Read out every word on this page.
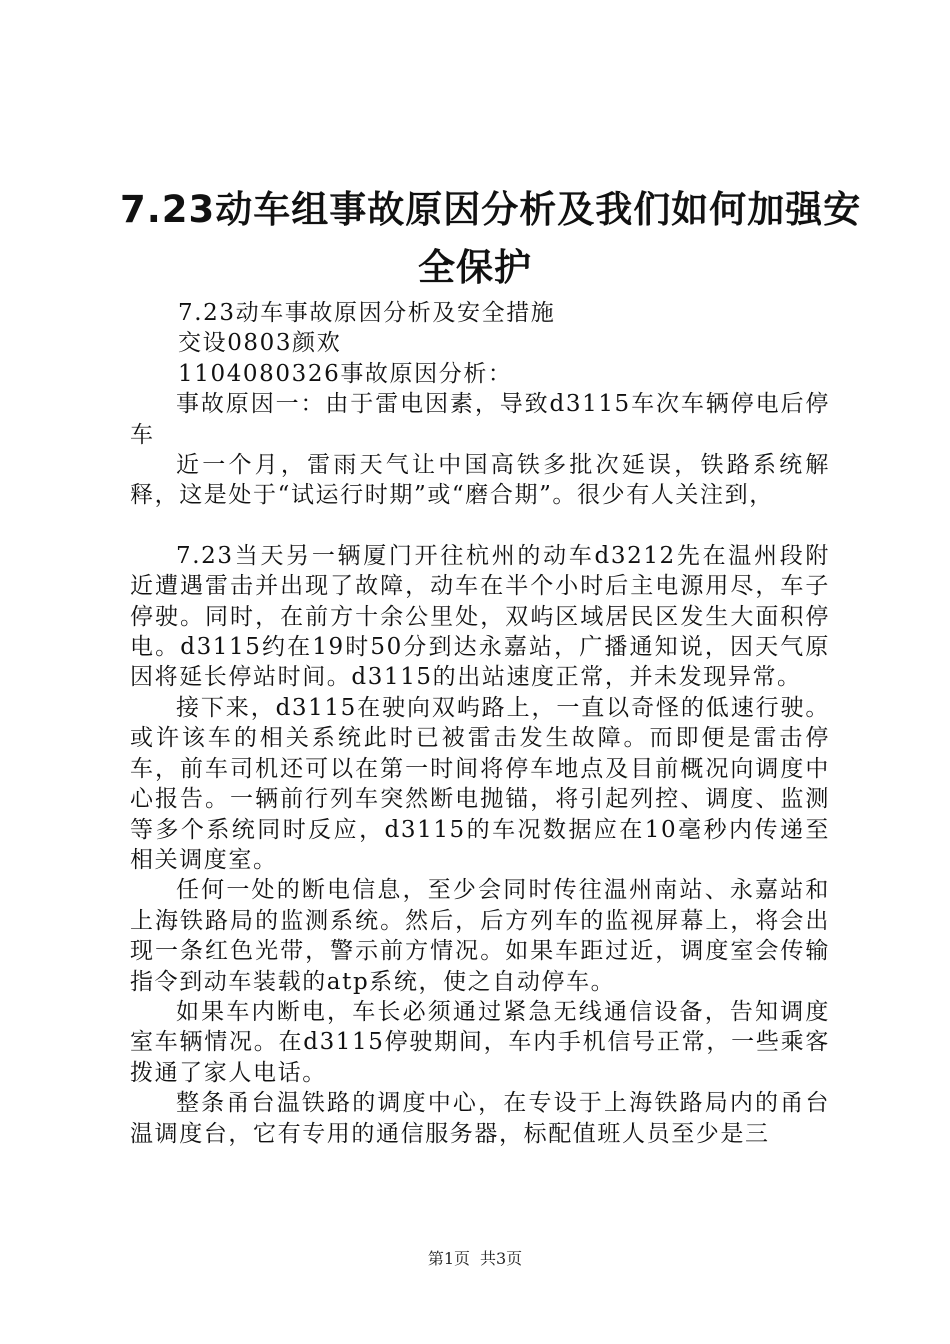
7.23动车组事故原因分析及我们如何加强安
全保护

7.23动车事故原因分析及安全措施

交设0803颜欢

1104080326事故原因分析：

事故原因一：由于雷电因素，导致d3115车次车辆停电后停车

近一个月，雷雨天气让中国高铁多批次延误，铁路系统解释，这是处于“试运行时期”或“磨合期”。很少有人关注到，

7.23当天另一辆厦门开往杭州的动车d3212先在温州段附近遭遇雷击并出现了故障，动车在半个小时后主电源用尽，车子停驶。同时，在前方十余公里处，双屿区域居民区发生大面积停电。d3115约在19时50分到达永嘉站，广播通知说，因天气原因将延长停站时间。d3115的出站速度正常，并未发现异常。

接下来，d3115在驶向双屿路上，一直以奇怪的低速行驶。或许该车的相关系统此时已被雷击发生故障。而即便是雷击停车，前车司机还可以在第一时间将停车地点及目前概况向调度中心报告。一辆前行列车突然断电抛锚，将引起列控、调度、监测等多个系统同时反应，d3115的车况数据应在10毫秒内传递至相关调度室。

任何一处的断电信息，至少会同时传往温州南站、永嘉站和上海铁路局的监测系统。然后，后方列车的监视屏幕上，将会出现一条红色光带，警示前方情况。如果车距过近，调度室会传输指令到动车装载的atp系统，使之自动停车。

如果车内断电，车长必须通过紧急无线通信设备，告知调度室车辆情况。在d3115停驶期间，车内手机信号正常，一些乘客拨通了家人电话。

整条甬台温铁路的调度中心，在专设于上海铁路局内的甬台温调度台，它有专用的通信服务器，标配值班人员至少是三

第1页 共3页
